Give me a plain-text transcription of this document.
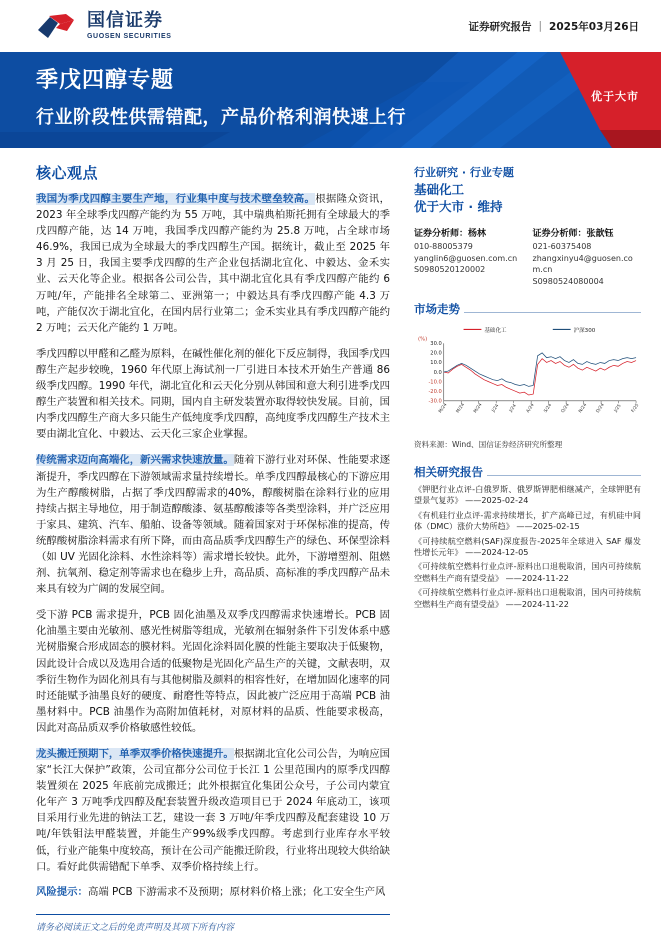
国信证券
GUOSEN SECURITIES
证券研究报告 | 2025年03月26日
季戊四醇专题
行业阶段性供需错配，产品价格利润快速上行
优于大市
核心观点

我国为季戊四醇主要生产地，行业集中度与技术壁垒较高。根据隆众资讯，2023 年全球季戊四醇产能约为 55 万吨，其中瑞典柏斯托拥有全球最大的季戊四醇产能，达 14 万吨，我国季戊四醇产能约为 25.8 万吨，占全球市场 46.9%，我国已成为全球最大的季戊四醇生产国。据统计，截止至 2025 年 3 月 25 日，我国主要季戊四醇的生产企业包括湖北宜化、中毅达、金禾实业、云天化等企业。根据各公司公告，其中湖北宜化具有季戊四醇产能约 6 万吨/年，产能排名全球第二、亚洲第一；中毅达具有季戊四醇产能 4.3 万吨，产能仅次于湖北宜化，在国内居行业第二；金禾实业具有季戊四醇产能约 2 万吨；云天化产能约 1 万吨。

季戊四醇以甲醛和乙醛为原料，在碱性催化剂的催化下反应制得，我国季戊四醇生产起步较晚，1960 年代原上海试剂一厂引进日本技术开始生产普通 86 级季戊四醇。1990 年代，湖北宜化和云天化分别从韩国和意大利引进季戊四醇生产装置和相关技术。同期，国内自主研发装置亦取得较快发展。目前，国内季戊四醇生产商大多只能生产低纯度季戊四醇，高纯度季戊四醇生产技术主要由湖北宜化、中毅达、云天化三家企业掌握。

传统需求迈向高端化，新兴需求快速放量。随着下游行业对环保、性能要求逐渐提升，季戊四醇在下游领域需求量持续增长。单季戊四醇最核心的下游应用为生产醇酸树脂，占据了季戊四醇需求的40%，醇酸树脂在涂料行业的应用持续占据主导地位，用于制造醇酸漆、氨基醇酸漆等各类型涂料，并广泛应用于家具、建筑、汽车、船舶、设备等领域。随着国家对于环保标准的提高，传统醇酸树脂涂料需求有所下降，而由高品质季戊四醇生产的绿色、环保型涂料（如 UV 光固化涂料、水性涂料等）需求增长较快。此外，下游增塑剂、阻燃剂、抗氧剂、稳定剂等需求也在稳步上升，高品质、高标准的季戊四醇产品未来具有较为广阔的发展空间。

受下游 PCB 需求提升，PCB 固化油墨及双季戊四醇需求快速增长。PCB 固化油墨主要由光敏剂、感光性树脂等组成，光敏剂在辐射条件下引发体系中感光树脂聚合形成固态的膜材料。光固化涂料固化膜的性能主要取决于低聚物，因此设计合成以及选用合适的低聚物是光固化产品生产的关键，文献表明，双季衍生物作为固化剂具有与其他树脂及颜料的相容性好，在增加固化速率的同时还能赋予油墨良好的硬度、耐磨性等特点，因此被广泛应用于高端 PCB 油墨材料中。PCB 油墨作为高附加值耗材，对原材料的品质、性能要求极高，因此对高品质双季价格敏感性较低。

龙头搬迁预期下，单季双季价格快速提升。根据湖北宜化公司公告，为响应国家“长江大保护”政策，公司宜都分公司位于长江 1 公里范围内的原季戊四醇装置须在 2025 年底前完成搬迁；此外根据宜化集团公众号，子公司内蒙宜化年产 3 万吨季戊四醇及配套装置升级改造项目已于 2024 年底动工，该项目采用行业先进的钠法工艺，建设一套 3 万吨/年季戊四醇及配套建设 10 万吨/年铁钼法甲醛装置，并能生产99%级季戊四醇。考虑到行业库存水平较低，行业产能集中度较高，预计在公司产能搬迁阶段，行业将出现较大供给缺口。看好此供需错配下单季、双季价格持续上行。

风险提示：高端 PCB 下游需求不及预期；原材料价格上涨；化工安全生产风

请务必阅读正文之后的免责声明及其项下所有内容
行业研究 · 行业专题
基础化工
优于大市 · 维持
证券分析师：杨林
010-88005379
yanglin6@guosen.com.cn
S0980520120002
证券分析师：张歆钰
021-60375408
zhangxinyu4@guosen.com.cn
S0980524080004
市场走势
基础化工	沪深300
(%)
30.0
20.0
10.0
0.0
-10.0
-20.0
-30.0
M/24 M/24 M/24	J/24	J/24 A/24 S/24 O/24 N/24 D/24	J/25 F/25
资料来源：Wind、国信证券经济研究所整理
相关研究报告
《钾肥行业点评-白俄罗斯、俄罗斯钾肥相继减产，全球钾肥有望景气复苏》 ——2025-02-24
《有机硅行业点评-需求持续增长，扩产高峰已过，有机硅中间体（DMC）涨价大势所趋》 ——2025-02-15
《可持续航空燃料(SAF)深度报告-2025年全球进入 SAF 爆发性增长元年》 ——2024-12-05
《可持续航空燃料行业点评-原料出口退税取消，国内可持续航空燃料生产商有望受益》 ——2024-11-22
《可持续航空燃料行业点评-原料出口退税取消，国内可持续航空燃料生产商有望受益》 ——2024-11-22
